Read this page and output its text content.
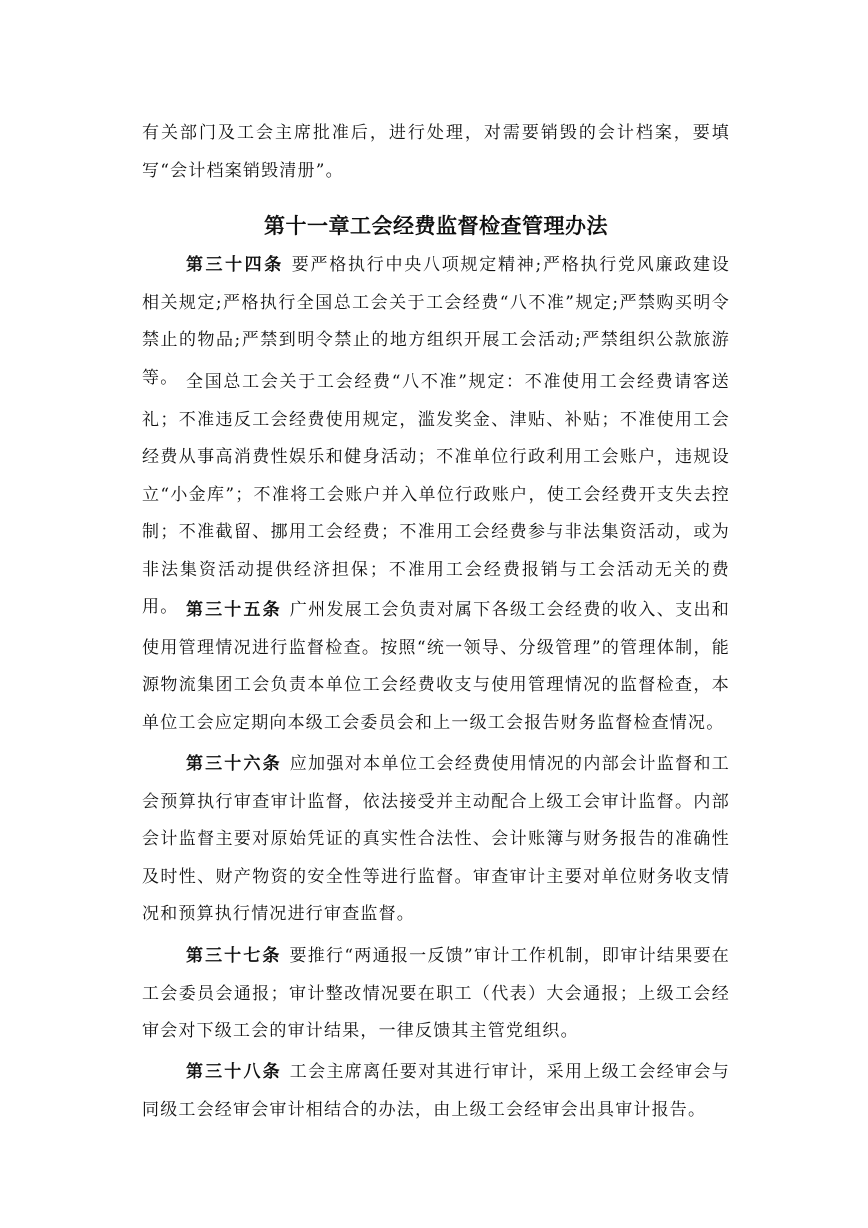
有关部门及工会主席批准后，进行处理，对需要销毁的会计档案，要填写“会计档案销毁清册”。

第十一章工会经费监督检查管理办法

第三十四条 要严格执行中央八项规定精神;严格执行党风廉政建设相关规定;严格执行全国总工会关于工会经费“八不准”规定;严禁购买明令禁止的物品;严禁到明令禁止的地方组织开展工会活动;严禁组织公款旅游等。 全国总工会关于工会经费“八不准”规定：不准使用工会经费请客送礼；不准违反工会经费使用规定，滥发奖金、津贴、补贴；不准使用工会经费从事高消费性娱乐和健身活动；不准单位行政利用工会账户，违规设立“小金库”；不准将工会账户并入单位行政账户，使工会经费开支失去控制；不准截留、挪用工会经费；不准用工会经费参与非法集资活动，或为非法集资活动提供经济担保；不准用工会经费报销与工会活动无关的费用。 第三十五条 广州发展工会负责对属下各级工会经费的收入、支出和使用管理情况进行监督检查。按照“统一领导、分级管理”的管理体制，能源物流集团工会负责本单位工会经费收支与使用管理情况的监督检查，本单位工会应定期向本级工会委员会和上一级工会报告财务监督检查情况。

第三十六条 应加强对本单位工会经费使用情况的内部会计监督和工会预算执行审查审计监督，依法接受并主动配合上级工会审计监督。内部会计监督主要对原始凭证的真实性合法性、会计账簿与财务报告的准确性及时性、财产物资的安全性等进行监督。审查审计主要对单位财务收支情况和预算执行情况进行审查监督。

第三十七条 要推行“两通报一反馈”审计工作机制，即审计结果要在工会委员会通报；审计整改情况要在职工（代表）大会通报；上级工会经审会对下级工会的审计结果，一律反馈其主管党组织。

第三十八条 工会主席离任要对其进行审计，采用上级工会经审会与同级工会经审会审计相结合的办法，由上级工会经审会出具审计报告。
